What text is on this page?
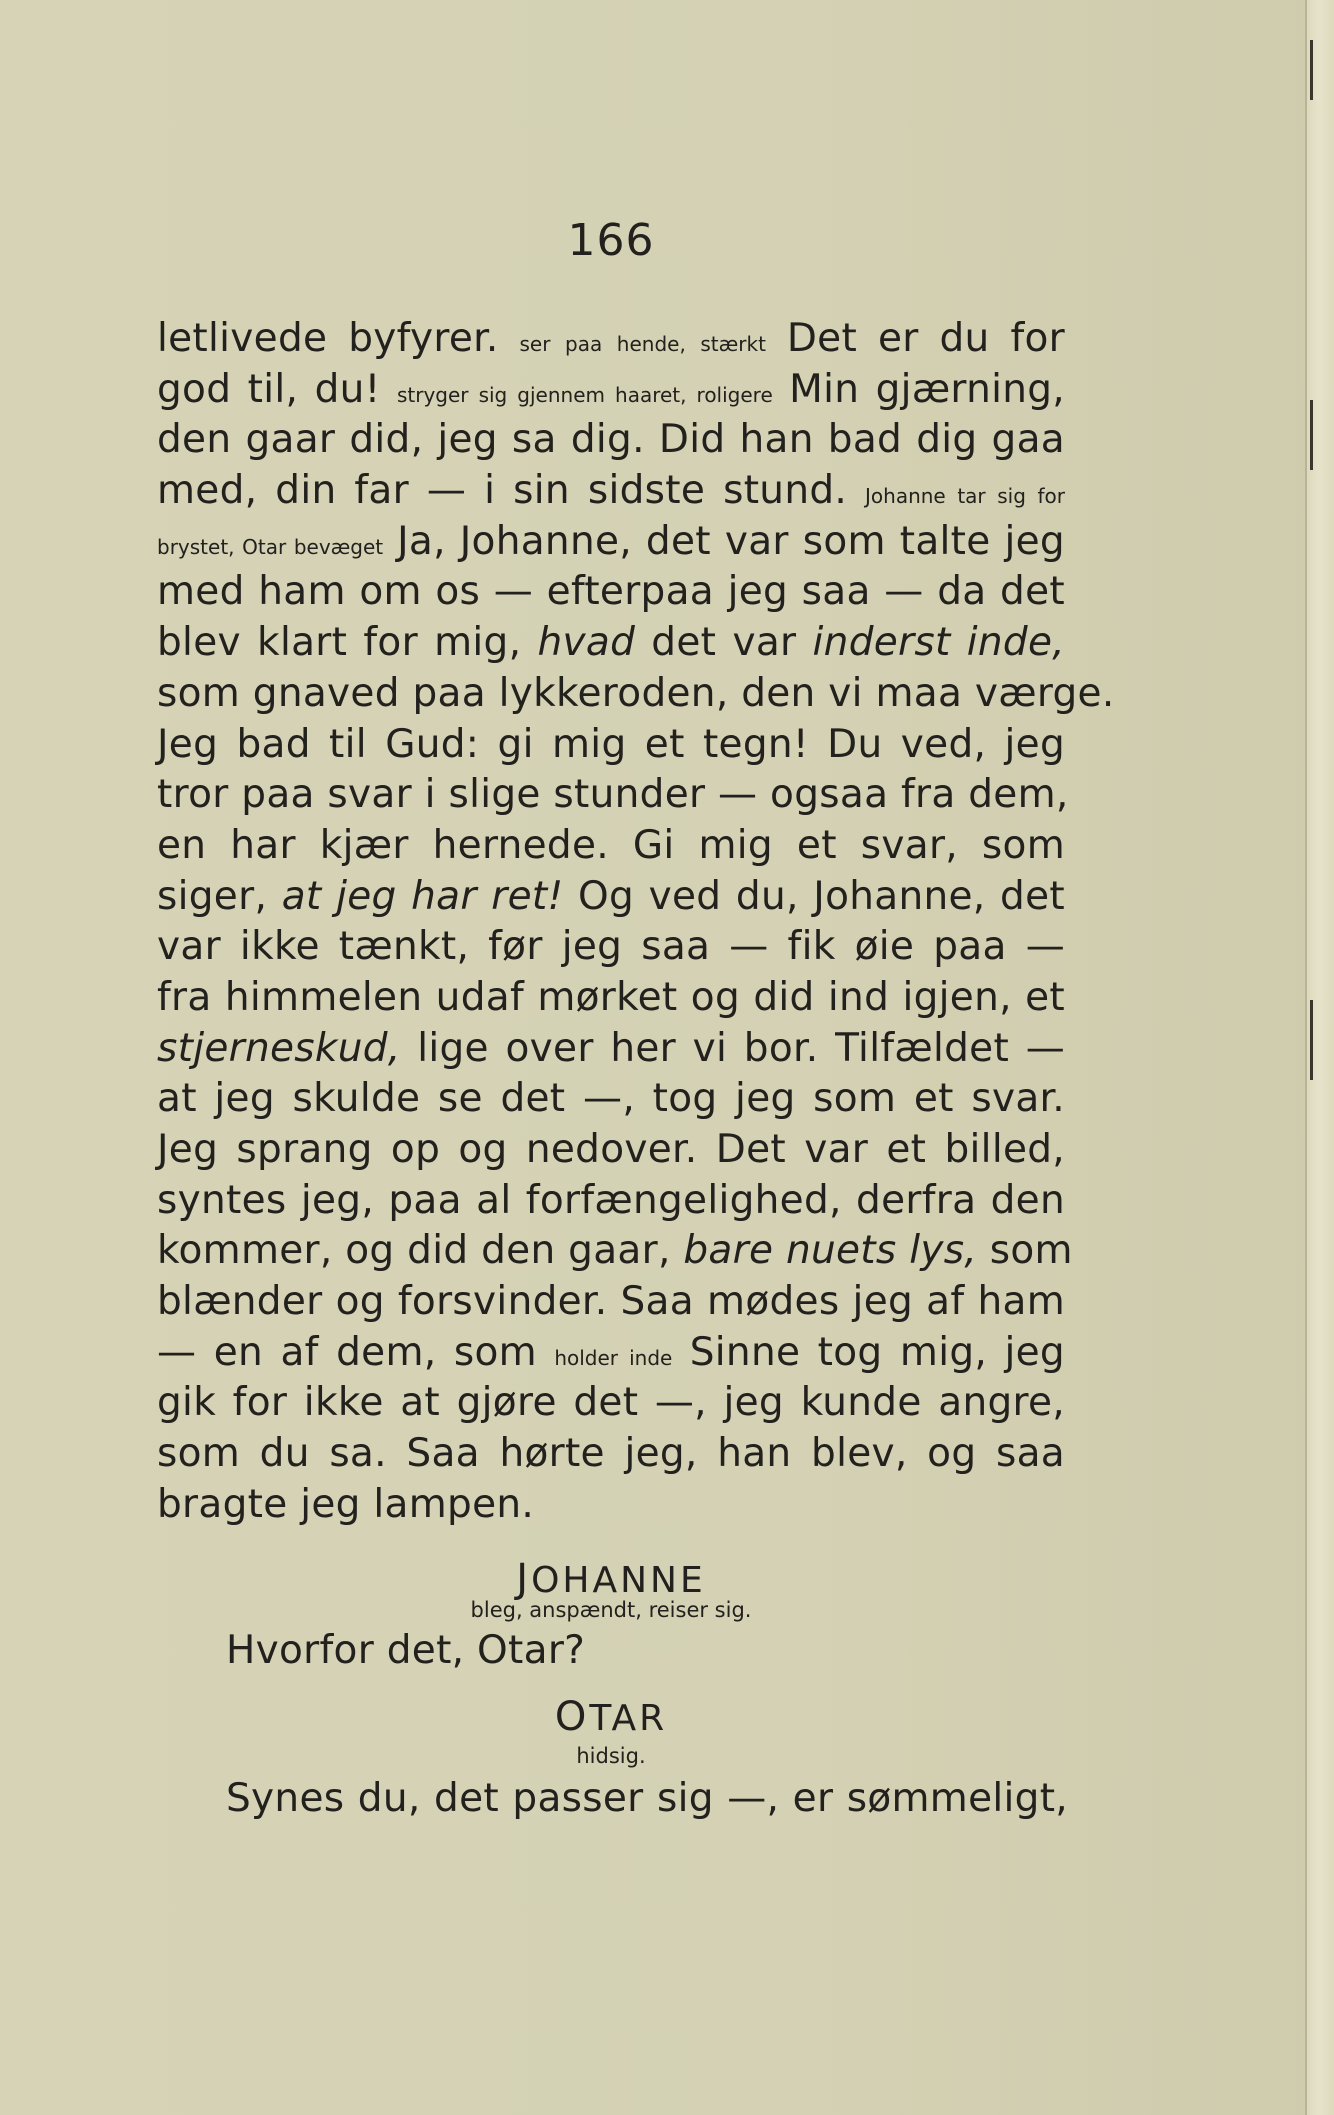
166
letlivede byfyrer. ser paa hende, stærkt Det er du for
god til, du! stryger sig gjennem haaret, roligere Min gjærning,
den gaar did, jeg sa dig. Did han bad dig gaa
med, din far — i sin sidste stund. Johanne tar sig for
brystet, Otar bevæget Ja, Johanne, det var som talte jeg
med ham om os — efterpaa jeg saa — da det
blev klart for mig, hvad det var inderst inde,
som gnaved paa lykkeroden, den vi maa værge.
Jeg bad til Gud: gi mig et tegn! Du ved, jeg
tror paa svar i slige stunder — ogsaa fra dem,
en har kjær hernede. Gi mig et svar, som
siger, at jeg har ret! Og ved du, Johanne, det
var ikke tænkt, før jeg saa — fik øie paa —
fra himmelen udaf mørket og did ind igjen, et
stjerneskud, lige over her vi bor. Tilfældet —
at jeg skulde se det —, tog jeg som et svar.
Jeg sprang op og nedover. Det var et billed,
syntes jeg, paa al forfængelighed, derfra den
kommer, og did den gaar, bare nuets lys, som
blænder og forsvinder. Saa mødes jeg af ham
— en af dem, som holder inde Sinne tog mig, jeg
gik for ikke at gjøre det —, jeg kunde angre,
som du sa. Saa hørte jeg, han blev, og saa
bragte jeg lampen.
JOHANNE
bleg, anspændt, reiser sig.
Hvorfor det, Otar?
OTAR
hidsig.
Synes du, det passer sig —, er sømmeligt,
